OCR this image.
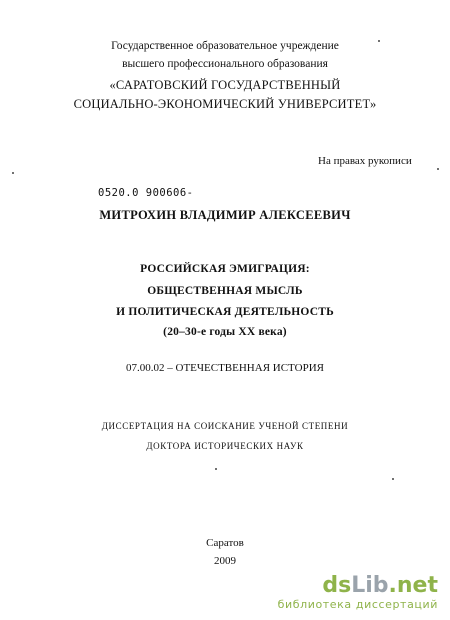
Государственное образовательное учреждение
высшего профессионального образования
«САРАТОВСКИЙ ГОСУДАРСТВЕННЫЙ
СОЦИАЛЬНО-ЭКОНОМИЧЕСКИЙ УНИВЕРСИТЕТ»
На правах рукописи
0520.0 900606-
МИТРОХИН ВЛАДИМИР АЛЕКСЕЕВИЧ
РОССИЙСКАЯ ЭМИГРАЦИЯ:
ОБЩЕСТВЕННАЯ МЫСЛЬ
И ПОЛИТИЧЕСКАЯ ДЕЯТЕЛЬНОСТЬ
(20–30-е годы XX века)
07.00.02 – ОТЕЧЕСТВЕННАЯ ИСТОРИЯ
ДИССЕРТАЦИЯ НА СОИСКАНИЕ УЧЕНОЙ СТЕПЕНИ
ДОКТОРА ИСТОРИЧЕСКИХ НАУК
Саратов
2009
dsLib.net
библиотека диссертаций
